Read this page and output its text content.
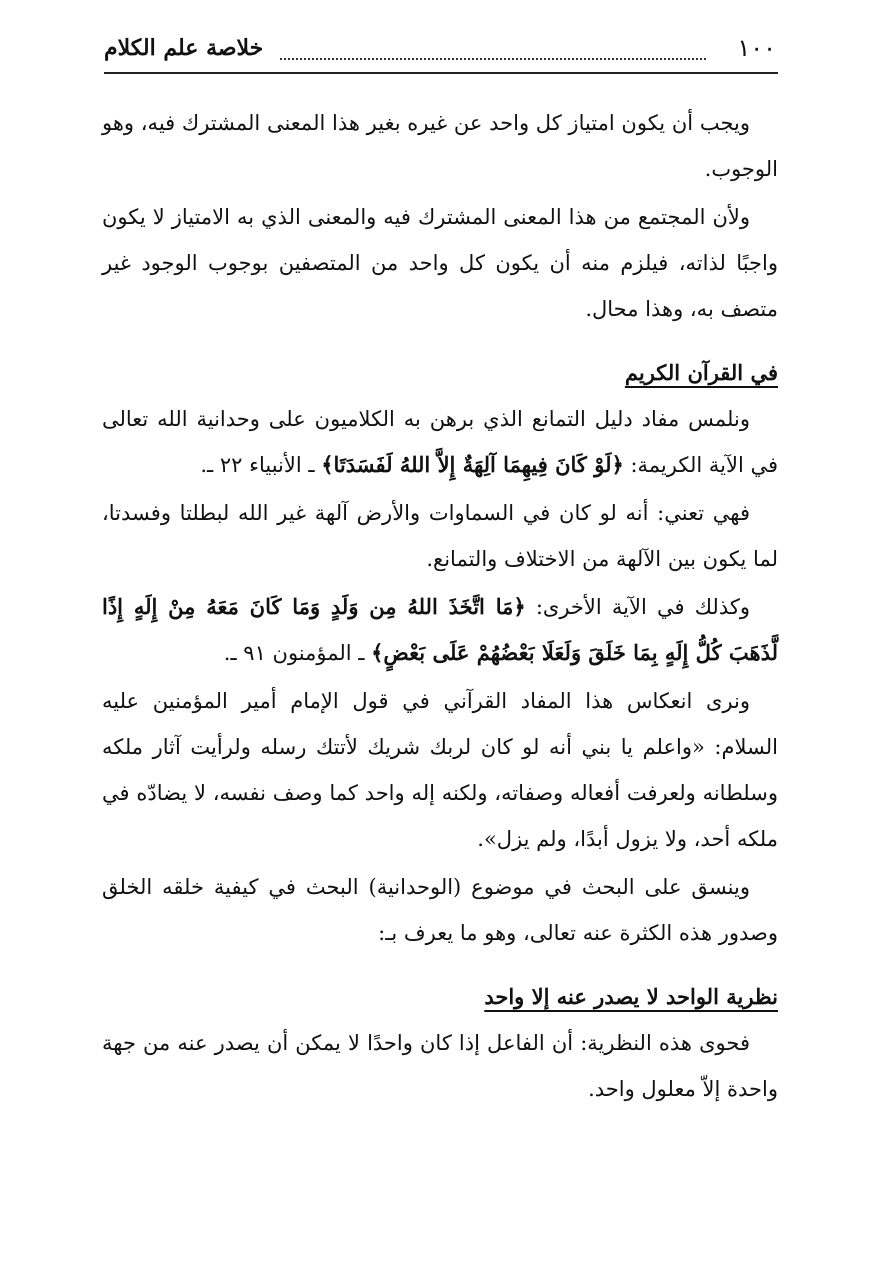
١٠٠
خلاصة علم الكلام

ويجب أن يكون امتياز كل واحد عن غيره بغير هذا المعنى المشترك فيه، وهو الوجوب.

ولأن المجتمع من هذا المعنى المشترك فيه والمعنى الذي به الامتياز لا يكون واجبًا لذاته، فيلزم منه أن يكون كل واحد من المتصفين بوجوب الوجود غير متصف به، وهذا محال.

في القرآن الكريم

ونلمس مفاد دليل التمانع الذي برهن به الكلاميون على وحدانية الله تعالى في الآية الكريمة: ﴿لَوْ كَانَ فِيهِمَا آلِهَةٌ إِلاَّ اللهُ لَفَسَدَتَا﴾ ـ الأنبياء ٢٢ ـ.

فهي تعني: أنه لو كان في السماوات والأرض آلهة غير الله لبطلتا وفسدتا، لما يكون بين الآلهة من الاختلاف والتمانع.

وكذلك في الآية الأخرى: ﴿مَا اتَّخَذَ اللهُ مِن وَلَدٍ وَمَا كَانَ مَعَهُ مِنْ إِلَهٍ إِذًا لَّذَهَبَ كُلُّ إِلَهٍ بِمَا خَلَقَ وَلَعَلَا بَعْضُهُمْ عَلَى بَعْضٍ﴾ ـ المؤمنون ٩١ ـ.

ونرى انعكاس هذا المفاد القرآني في قول الإمام أمير المؤمنين عليه السلام: «واعلم يا بني أنه لو كان لربك شريك لأتتك رسله ولرأيت آثار ملكه وسلطانه ولعرفت أفعاله وصفاته، ولكنه إله واحد كما وصف نفسه، لا يضادّه في ملكه أحد، ولا يزول أبدًا، ولم يزل».

وينسق على البحث في موضوع (الوحدانية) البحث في كيفية خلقه الخلق وصدور هذه الكثرة عنه تعالى، وهو ما يعرف بـ:

نظرية الواحد لا يصدر عنه إلا واحد

فحوى هذه النظرية: أن الفاعل إذا كان واحدًا لا يمكن أن يصدر عنه من جهة واحدة إلاّ معلول واحد.
